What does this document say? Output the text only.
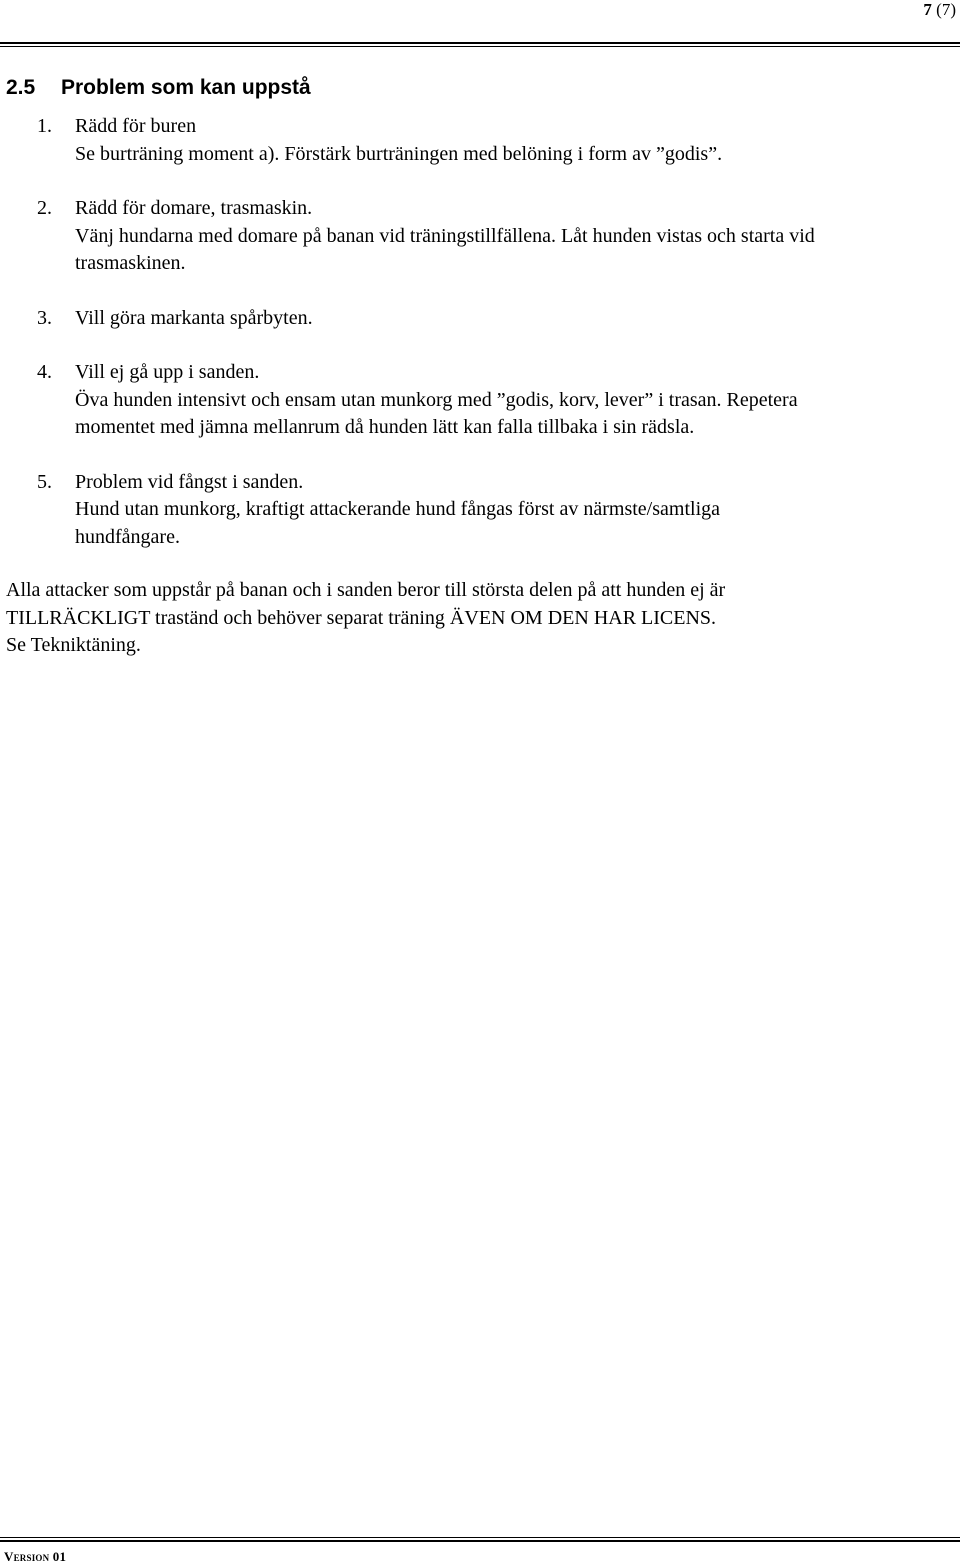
7 (7)
2.5 Problem som kan uppstå
1. Rädd för buren
Se burträning moment a). Förstärk burträningen med belöning i form av ”godis”.
2. Rädd för domare, trasmaskin.
Vänj hundarna med domare på banan vid träningstillfällena. Låt hunden vistas och starta vid
trasmaskinen.
3. Vill göra markanta spårbyten.
4. Vill ej gå upp i sanden.
Öva hunden intensivt och ensam utan munkorg med ”godis, korv, lever” i trasan. Repetera
momentet med jämna mellanrum då hunden lätt kan falla tillbaka i sin rädsla.
5. Problem vid fångst i sanden.
Hund utan munkorg, kraftigt attackerande hund fångas först av närmste/samtliga
hundfångare.
Alla attacker som uppstår på banan och i sanden beror till största delen på att hunden ej är
TILLRÄCKLIGT traständ och behöver separat träning ÄVEN OM DEN HAR LICENS.
Se Tekniktäning.
Version 01
